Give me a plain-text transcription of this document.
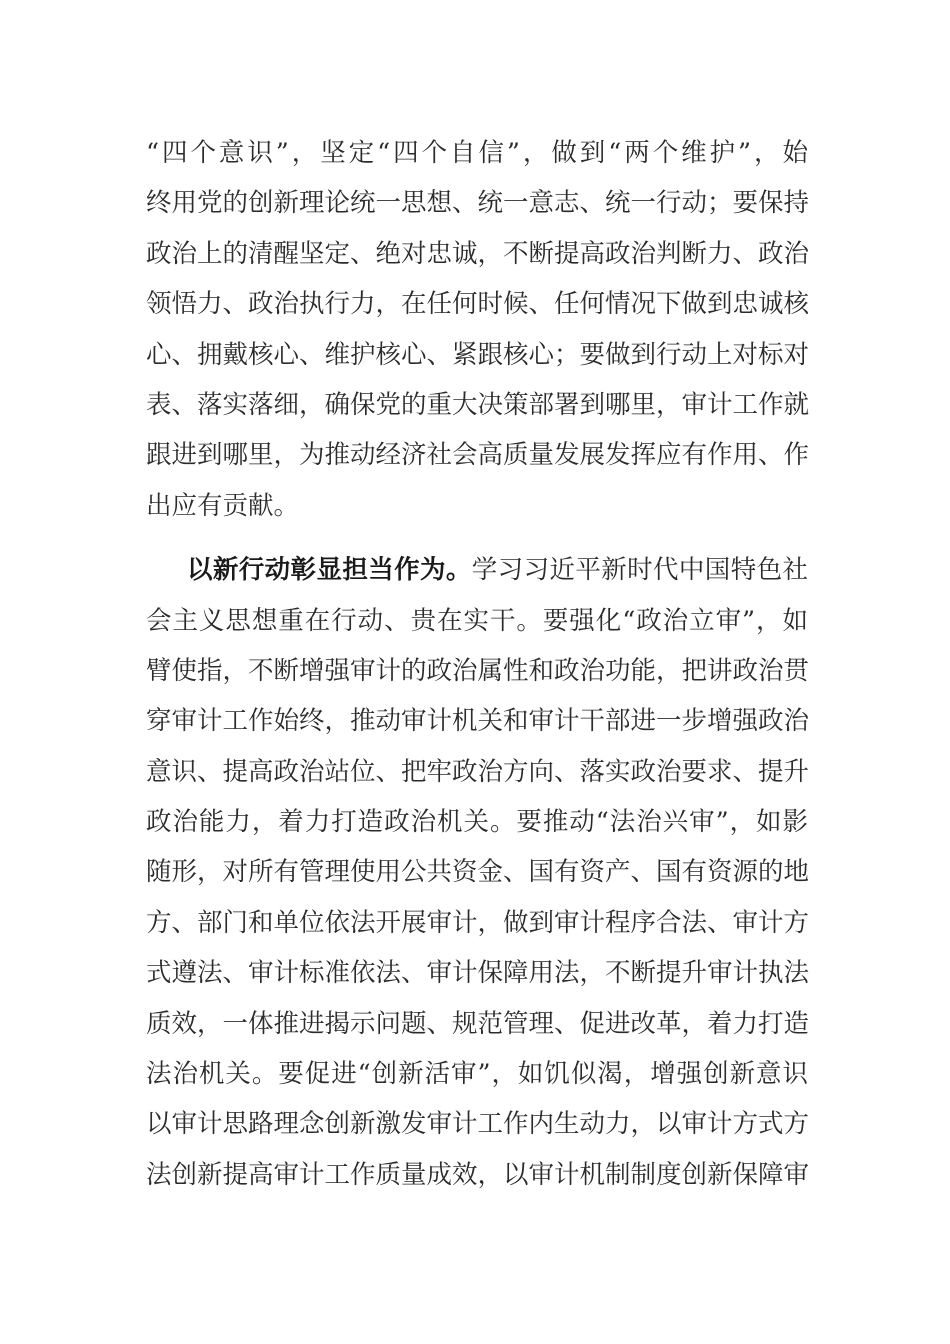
“四个意识”，坚定“四个自信”，做到“两个维护”，始
终用党的创新理论统一思想、统一意志、统一行动；要保持
政治上的清醒坚定、绝对忠诚，不断提高政治判断力、政治
领悟力、政治执行力，在任何时候、任何情况下做到忠诚核
心、拥戴核心、维护核心、紧跟核心；要做到行动上对标对
表、落实落细，确保党的重大决策部署到哪里，审计工作就
跟进到哪里，为推动经济社会高质量发展发挥应有作用、作
出应有贡献。
以新行动彰显担当作为。学习习近平新时代中国特色社
会主义思想重在行动、贵在实干。要强化“政治立审”，如
臂使指，不断增强审计的政治属性和政治功能，把讲政治贯
穿审计工作始终，推动审计机关和审计干部进一步增强政治
意识、提高政治站位、把牢政治方向、落实政治要求、提升
政治能力，着力打造政治机关。要推动“法治兴审”，如影
随形，对所有管理使用公共资金、国有资产、国有资源的地
方、部门和单位依法开展审计，做到审计程序合法、审计方
式遵法、审计标准依法、审计保障用法，不断提升审计执法
质效，一体推进揭示问题、规范管理、促进改革，着力打造
法治机关。要促进“创新活审”，如饥似渴，增强创新意识
以审计思路理念创新激发审计工作内生动力，以审计方式方
法创新提高审计工作质量成效，以审计机制制度创新保障审
